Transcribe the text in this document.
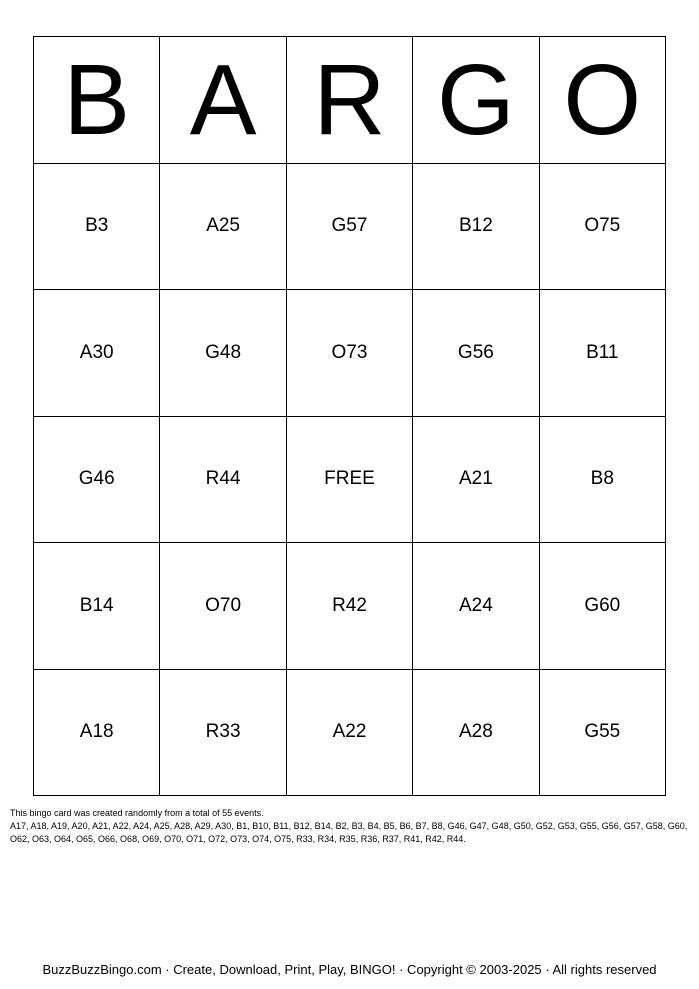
B A R G O
B3	A25	G57	B12	O75
A30	G48	O73	G56	B11
G46	R44	FREE	A21	B8
B14	O70	R42	A24	G60
A18	R33	A22	A28	G55

This bingo card was created randomly from a total of 55 events.

A17, A18, A19, A20, A21, A22, A24, A25, A28, A29, A30, B1, B10, B11, B12, B14, B2, B3, B4, B5, B6, B7, B8, G46, G47, G48, G50, G52, G53, G55, G56, G57, G58, G60, O62, O63, O64, O65, O66, O68, O69, O70, O71, O72, O73, O74, O75, R33, R34, R35, R36, R37, R41, R42, R44.

BuzzBuzzBingo.com · Create, Download, Print, Play, BINGO! · Copyright © 2003-2025 · All rights reserved
